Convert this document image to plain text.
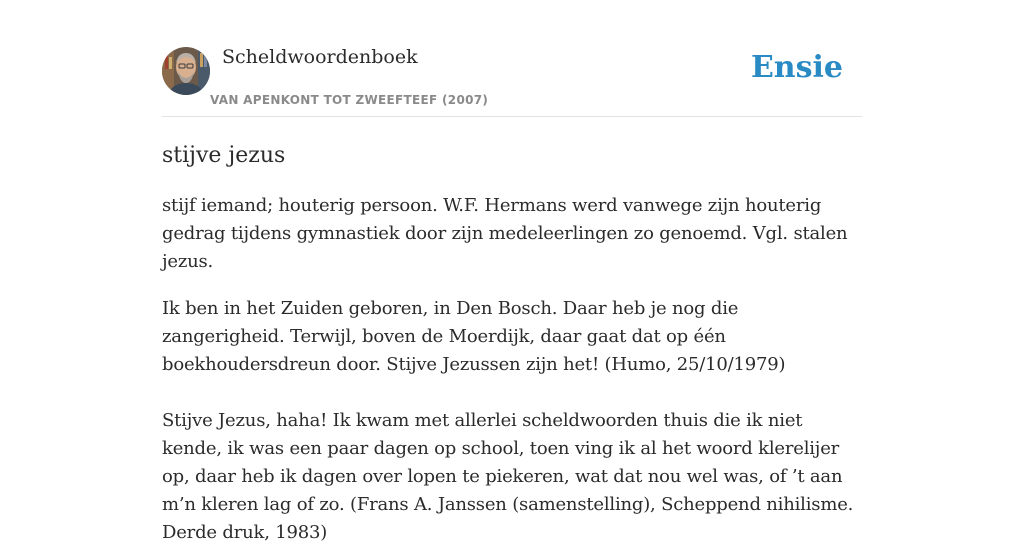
Scheldwoordenboek
VAN APENKONT TOT ZWEEFTEEF (2007)
Ensie
stijve jezus

stijf iemand; houterig persoon. W.F. Hermans werd vanwege zijn houterig gedrag tijdens gymnastiek door zijn medeleerlingen zo genoemd. Vgl. stalen jezus.

Ik ben in het Zuiden geboren, in Den Bosch. Daar heb je nog die zangerigheid. Terwijl, boven de Moerdijk, daar gaat dat op één boekhoudersdreun door. Stijve Jezussen zijn het! (Humo, 25/10/1979)

Stijve Jezus, haha! Ik kwam met allerlei scheldwoorden thuis die ik niet kende, ik was een paar dagen op school, toen ving ik al het woord klerelijer op, daar heb ik dagen over lopen te piekeren, wat dat nou wel was, of ’t aan m’n kleren lag of zo. (Frans A. Janssen (samenstelling), Scheppend nihilisme. Derde druk, 1983)
